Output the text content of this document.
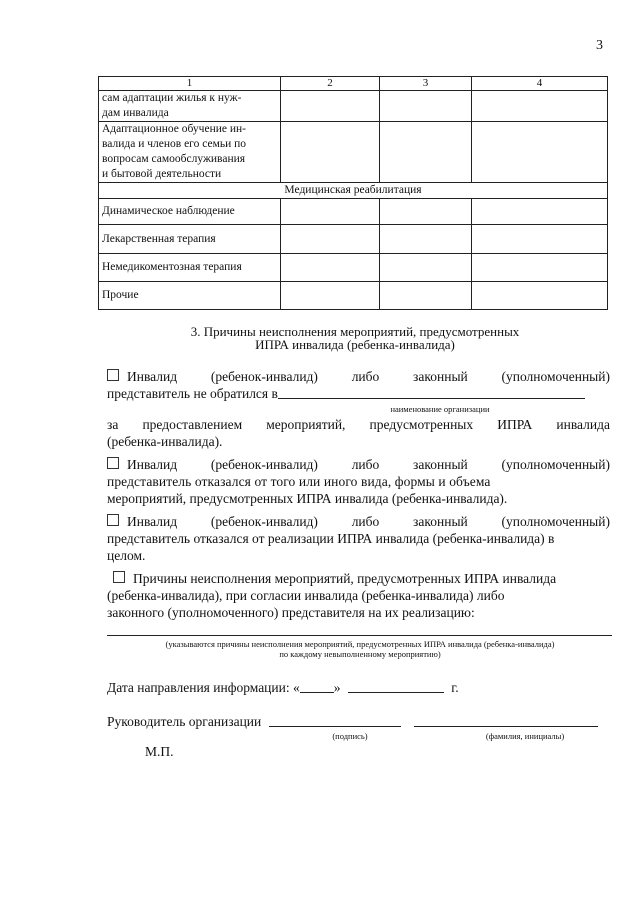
3
1	2	3	4

сам адаптации жилья к нуж-
дам инвалида			

Адаптационное обучение ин-
валида и членов его семьи по
вопросам самообслуживания
и бытовой деятельности			

Медицинская реабилитация			
Динамическое наблюдение			
Лекарственная терапия			
Немедикоментозная терапия			
Прочие			
3. Причины неисполнения мероприятий, предусмотренных
ИПРА инвалида (ребенка-инвалида)
Инвалид	(ребенок-инвалид)	либо	законный	(уполномоченный)
представитель не обратился в
наименование организации
за предоставлением мероприятий, предусмотренных ИПРА инвалида
(ребенка-инвалида).
Инвалид	(ребенок-инвалид)	либо	законный	(уполномоченный)
представитель отказался от того или иного вида, формы и объема
мероприятий, предусмотренных ИПРА инвалида (ребенка-инвалида).
Инвалид	(ребенок-инвалид)	либо	законный	(уполномоченный)
представитель отказался от реализации ИПРА инвалида (ребенка-инвалида) в
целом.
Причины неисполнения мероприятий, предусмотренных ИПРА инвалида
(ребенка-инвалида), при согласии инвалида (ребенка-инвалида) либо
законного (уполномоченного) представителя на их реализацию:
(указываются причины неисполнения мероприятий, предусмотренных ИПРА инвалида (ребенка-инвалида)
по каждому невыполненному мероприятию)
Дата направления информации: «	»	г.
Руководитель организации
(подпись)	(фамилия, инициалы)
М.П.
